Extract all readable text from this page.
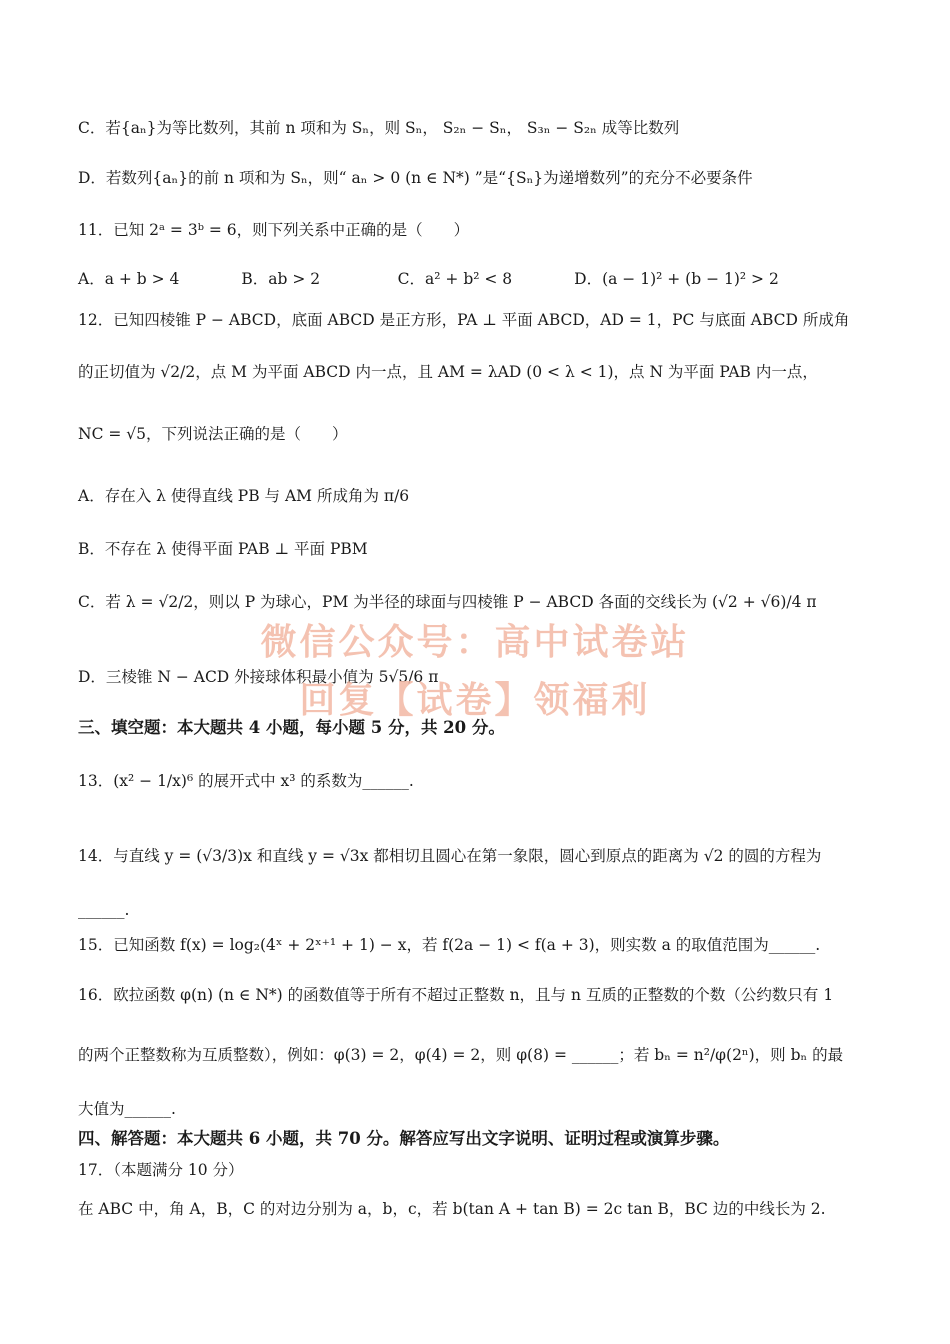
C．若{aₙ}为等比数列，其前 n 项和为 Sₙ，则 Sₙ， S₂ₙ − Sₙ， S₃ₙ − S₂ₙ 成等比数列
D．若数列{aₙ}的前 n 项和为 Sₙ，则“ aₙ > 0 (n ∈ N*) ”是“{Sₙ}为递增数列”的充分不必要条件
11．已知 2ᵃ = 3ᵇ = 6，则下列关系中正确的是（　　）
A．a + b > 4　　　　B．ab > 2　　　　　C．a² + b² < 8　　　　D．(a − 1)² + (b − 1)² > 2
12．已知四棱锥 P − ABCD，底面 ABCD 是正方形，PA ⊥ 平面 ABCD，AD = 1，PC 与底面 ABCD 所成角
的正切值为 √2/2，点 M 为平面 ABCD 内一点，且 AM = λAD (0 < λ < 1)，点 N 为平面 PAB 内一点，
NC = √5，下列说法正确的是（　　）
A．存在入 λ 使得直线 PB 与 AM 所成角为 π/6
B．不存在 λ 使得平面 PAB ⊥ 平面 PBM
C．若 λ = √2/2，则以 P 为球心，PM 为半径的球面与四棱锥 P − ABCD 各面的交线长为 (√2 + √6)/4 π
D．三棱锥 N − ACD 外接球体积最小值为 5√5/6 π
三、填空题：本大题共 4 小题，每小题 5 分，共 20 分。
13．(x² − 1/x)⁶ 的展开式中 x³ 的系数为______.
14．与直线 y = (√3/3)x 和直线 y = √3x 都相切且圆心在第一象限，圆心到原点的距离为 √2 的圆的方程为
______.
15．已知函数 f(x) = log₂(4ˣ + 2ˣ⁺¹ + 1) − x，若 f(2a − 1) < f(a + 3)，则实数 a 的取值范围为______.
16．欧拉函数 φ(n) (n ∈ N*) 的函数值等于所有不超过正整数 n，且与 n 互质的正整数的个数（公约数只有 1
的两个正整数称为互质整数），例如：φ(3) = 2，φ(4) = 2，则 φ(8) = ______；若 bₙ = n²/φ(2ⁿ)，则 bₙ 的最
大值为______.
四、解答题：本大题共 6 小题，共 70 分。解答应写出文字说明、证明过程或演算步骤。
17．（本题满分 10 分）
在 ABC 中，角 A，B，C 的对边分别为 a，b，c，若 b(tan A + tan B) = 2c tan B，BC 边的中线长为 2.
微信公众号：高中试卷站
回复【试卷】领福利
